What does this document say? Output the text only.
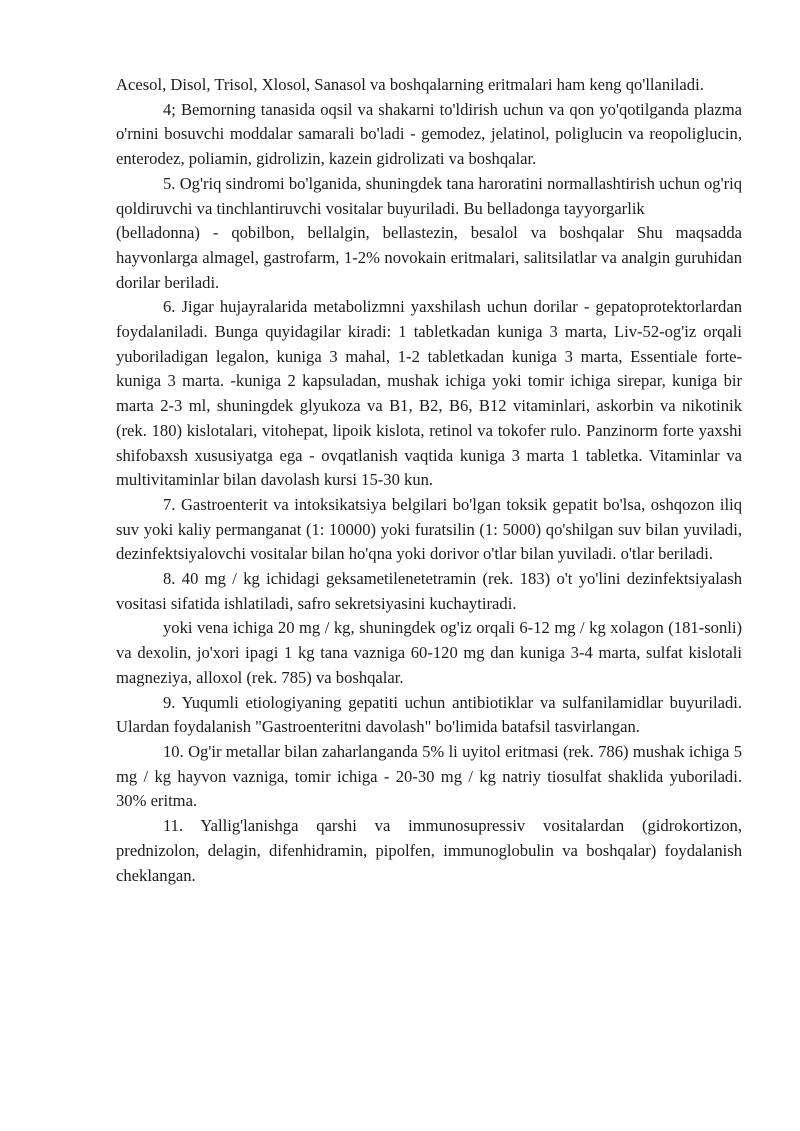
Acesol, Disol, Trisol, Xlosol, Sanasol va boshqalarning eritmalari ham keng qo'llaniladi.

4; Bemorning tanasida oqsil va shakarni to'ldirish uchun va qon yo'qotilganda plazma o'rnini bosuvchi moddalar samarali bo'ladi - gemodez, jelatinol, poliglucin va reopoliglucin, enterodez, poliamin, gidrolizin, kazein gidrolizati va boshqalar.

5. Og'riq sindromi bo'lganida, shuningdek tana haroratini normallashtirish uchun og'riq qoldiruvchi va tinchlantiruvchi vositalar buyuriladi. Bu belladonga tayyorgarlik

(belladonna) - qobilbon, bellalgin, bellastezin, besalol va boshqalar Shu maqsadda hayvonlarga almagel, gastrofarm, 1-2% novokain eritmalari, salitsilatlar va analgin guruhidan dorilar beriladi.

6. Jigar hujayralarida metabolizmni yaxshilash uchun dorilar - gepatoprotektorlardan foydalaniladi. Bunga quyidagilar kiradi: 1 tabletkadan kuniga 3 marta, Liv-52-og'iz orqali yuboriladigan legalon, kuniga 3 mahal, 1-2 tabletkadan kuniga 3 marta, Essentiale forte-kuniga 3 marta. -kuniga 2 kapsuladan, mushak ichiga yoki tomir ichiga sirepar, kuniga bir marta 2-3 ml, shuningdek glyukoza va B1, B2, B6, B12 vitaminlari, askorbin va nikotinik (rek. 180) kislotalari, vitohepat, lipoik kislota, retinol va tokofer rulo. Panzinorm forte yaxshi shifobaxsh xususiyatga ega - ovqatlanish vaqtida kuniga 3 marta 1 tabletka. Vitaminlar va multivitaminlar bilan davolash kursi 15-30 kun.

7. Gastroenterit va intoksikatsiya belgilari bo'lgan toksik gepatit bo'lsa, oshqozon iliq suv yoki kaliy permanganat (1: 10000) yoki furatsilin (1: 5000) qo'shilgan suv bilan yuviladi, dezinfektsiyalovchi vositalar bilan ho'qna yoki dorivor o'tlar bilan yuviladi. o'tlar beriladi.

8. 40 mg / kg ichidagi geksametilenetetramin (rek. 183) o't yo'lini dezinfektsiyalash vositasi sifatida ishlatiladi, safro sekretsiyasini kuchaytiradi.

yoki vena ichiga 20 mg / kg, shuningdek og'iz orqali 6-12 mg / kg xolagon (181-sonli) va dexolin, jo'xori ipagi 1 kg tana vazniga 60-120 mg dan kuniga 3-4 marta, sulfat kislotali magneziya, alloxol (rek. 785) va boshqalar.

9. Yuqumli etiologiyaning gepatiti uchun antibiotiklar va sulfanilamidlar buyuriladi. Ulardan foydalanish "Gastroenteritni davolash" bo'limida batafsil tasvirlangan.

10. Og'ir metallar bilan zaharlanganda 5% li uyitol eritmasi (rek. 786) mushak ichiga 5 mg / kg hayvon vazniga, tomir ichiga - 20-30 mg / kg natriy tiosulfat shaklida yuboriladi. 30% eritma.

11. Yallig'lanishga qarshi va immunosupressiv vositalardan (gidrokortizon, prednizolon, delagin, difenhidramin, pipolfen, immunoglobulin va boshqalar) foydalanish cheklangan.
